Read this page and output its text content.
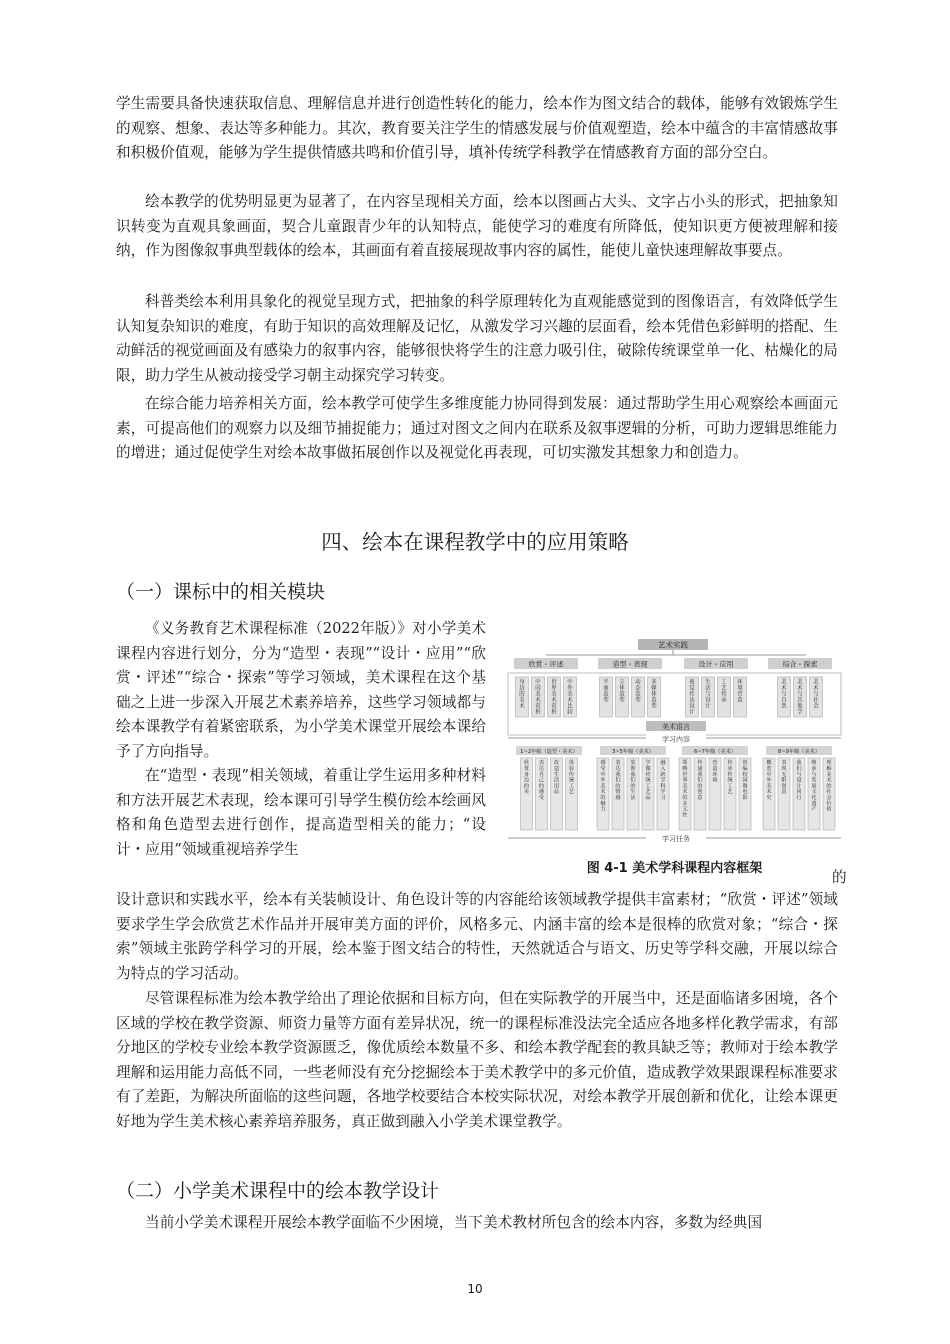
学生需要具备快速获取信息、理解信息并进行创造性转化的能力，绘本作为图文结合的载体，能够有效锻炼学生的观察、想象、表达等多种能力。其次，教育要关注学生的情感发展与价值观塑造，绘本中蕴含的丰富情感故事和积极价值观，能够为学生提供情感共鸣和价值引导，填补传统学科教学在情感教育方面的部分空白。

绘本教学的优势明显更为显著了，在内容呈现相关方面，绘本以图画占大头、文字占小头的形式，把抽象知识转变为直观具象画面，契合儿童跟青少年的认知特点，能使学习的难度有所降低，使知识更方便被理解和接纳，作为图像叙事典型载体的绘本，其画面有着直接展现故事内容的属性，能使儿童快速理解故事要点。

科普类绘本利用具象化的视觉呈现方式，把抽象的科学原理转化为直观能感觉到的图像语言，有效降低学生认知复杂知识的难度，有助于知识的高效理解及记忆，从激发学习兴趣的层面看，绘本凭借色彩鲜明的搭配、生动鲜活的视觉画面及有感染力的叙事内容，能够很快将学生的注意力吸引住，破除传统课堂单一化、枯燥化的局限，助力学生从被动接受学习朝主动探究学习转变。

在综合能力培养相关方面，绘本教学可使学生多维度能力协同得到发展：通过帮助学生用心观察绘本画面元素，可提高他们的观察力以及细节捕捉能力；通过对图文之间内在联系及叙事逻辑的分析，可助力逻辑思维能力的增进；通过促使学生对绘本故事做拓展创作以及视觉化再表现，可切实激发其想象力和创造力。

四、绘本在课程教学中的应用策略
（一）课标中的相关模块

《义务教育艺术课程标准（2022年版）》对小学美术课程内容进行划分，分为“造型・表现”“设计・应用”“欣赏・评述”“综合・探索”等学习领域，美术课程在这个基础之上进一步深入开展艺术素养培养，这些学习领域都与绘本课教学有着紧密联系，为小学美术课堂开展绘本课给予了方向指导。

在“造型・表现”相关领域，着重让学生运用多种材料和方法开展艺术表现，绘本课可引导学生模仿绘本绘画风格和角色造型去进行创作，提高造型相关的能力；“设计・应用”领域重视培养学生

的

设计意识和实践水平，绘本有关装帧设计、角色设计等的内容能给该领域教学提供丰富素材；“欣赏・评述”领域要求学生学会欣赏艺术作品并开展审美方面的评价，风格多元、内涵丰富的绘本是很棒的欣赏对象；“综合・探索”领域主张跨学科学习的开展，绘本鉴于图文结合的特性，天然就适合与语文、历史等学科交融，开展以综合为特点的学习活动。

尽管课程标准为绘本教学给出了理论依据和目标方向，但在实际教学的开展当中，还是面临诸多困境，各个区域的学校在教学资源、师资力量等方面有差异状况，统一的课程标准没法完全适应各地多样化教学需求，有部分地区的学校专业绘本教学资源匮乏，像优质绘本数量不多、和绘本教学配套的教具缺乏等；教师对于绘本教学理解和运用能力高低不同，一些老师没有充分挖掘绘本于美术教学中的多元价值，造成教学效果跟课程标准要求有了差距，为解决所面临的这些问题，各地学校要结合本校实际状况，对绘本教学开展创新和优化，让绘本课更好地为学生美术核心素养培养服务，真正做到融入小学美术课堂教学。

（二）小学美术课程中的绘本教学设计

当前小学美术课程开展绘本教学面临不少困境，当下美术教材所包含的绘本内容，多数为经典国

艺术实践
欣赏・评述	造型・表现	设计・应用	综合・探索
身边的美术
中国美术赏析
世界美术赏析
中外美术比较
平面造型
立体造型
动态造型
多媒体造型
视觉传达设计
生活与设计
工艺传承
环境营造
美术与自然
美术与其他学
美术与社会
美术语言
学习内容
1~2年级（造型・美术）
欣赏身边的美
表达自己的感受
改造生活用品
体验传统工艺
3~5年级（美术）
感受中外美术的魅力
表达我们的情感
装饰我们的生活
学做传统工艺品
融入跨学科学习
6~7年级（美术）
领略世界美术的多元性
传递我们的创意
营造环境
传承传统工艺
创编校园微电影
8~9年级（美术）
概览中外美术史
表现无限创意
我们与设计同行
继承与发展文化遗产
理解美术的社会价值
学习任务

图 4-1 美术学科课程内容框架

10
